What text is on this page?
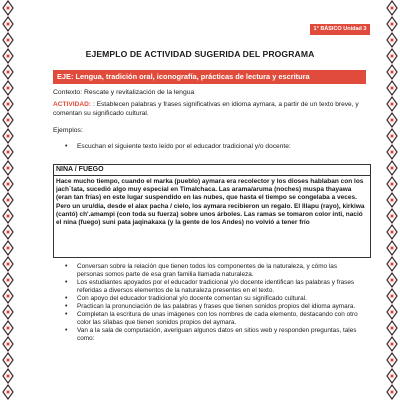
1° BÁSICO Unidad 3
EJEMPLO DE ACTIVIDAD SUGERIDA DEL PROGRAMA
EJE: Lengua, tradición oral, iconografía, prácticas de lectura y escritura
Contexto: Rescate y revitalización de la lengua
ACTIVIDAD: : Establecen palabras y frases significativas en idioma aymara, a partir de un texto breve, y comentan su significado cultural.
Ejemplos:
•	Escuchan el siguiente texto leído por el educador tradicional y/o docente:
NINA / FUEGO
Hace mucho tiempo, cuando el marka (pueblo) aymara era recolector y los dioses hablaban con los jach´tata, sucedió algo muy especial en Timalchaca. Las arama/aruma (noches) muspa thayawa (eran tan frías) en este lugar suspendido en las nubes, que hasta el tiempo se congelaba a veces. Pero un uru/día, desde el alax pacha / cielo, los aymara recibieron un regalo. El Illapu (rayo), kirkiwa (cantó) ch'.amampi (con toda su fuerza) sobre unos árboles. Las ramas se tomaron color inti, nació el nina (fuego) suni pata jaqinakaxa (y la gente de los Andes) no volvió a tener frío
•	Conversan sobre la relación que tienen todos los componentes de la naturaleza, y cómo las personas somos parte de esa gran familia llamada naturaleza.
•	Los estudiantes apoyados por el educador tradicional y/o docente identifican las palabras y frases referidas a diversos elementos de la naturaleza presentes en el texto.
•	Con apoyo del educador tradicional y/o docente comentan su significado cultural.
•	Practican la pronunciación de las palabras y frases que tienen sonidos propios del idioma aymara.
•	Completan la escritura de unas imágenes con los nombres de cada elemento, destacando con otro color las sílabas que tienen sonidos propios del aymara.
•	Van a la sala de computación, averiguan algunos datos en sitios web y responden preguntas, tales como:
